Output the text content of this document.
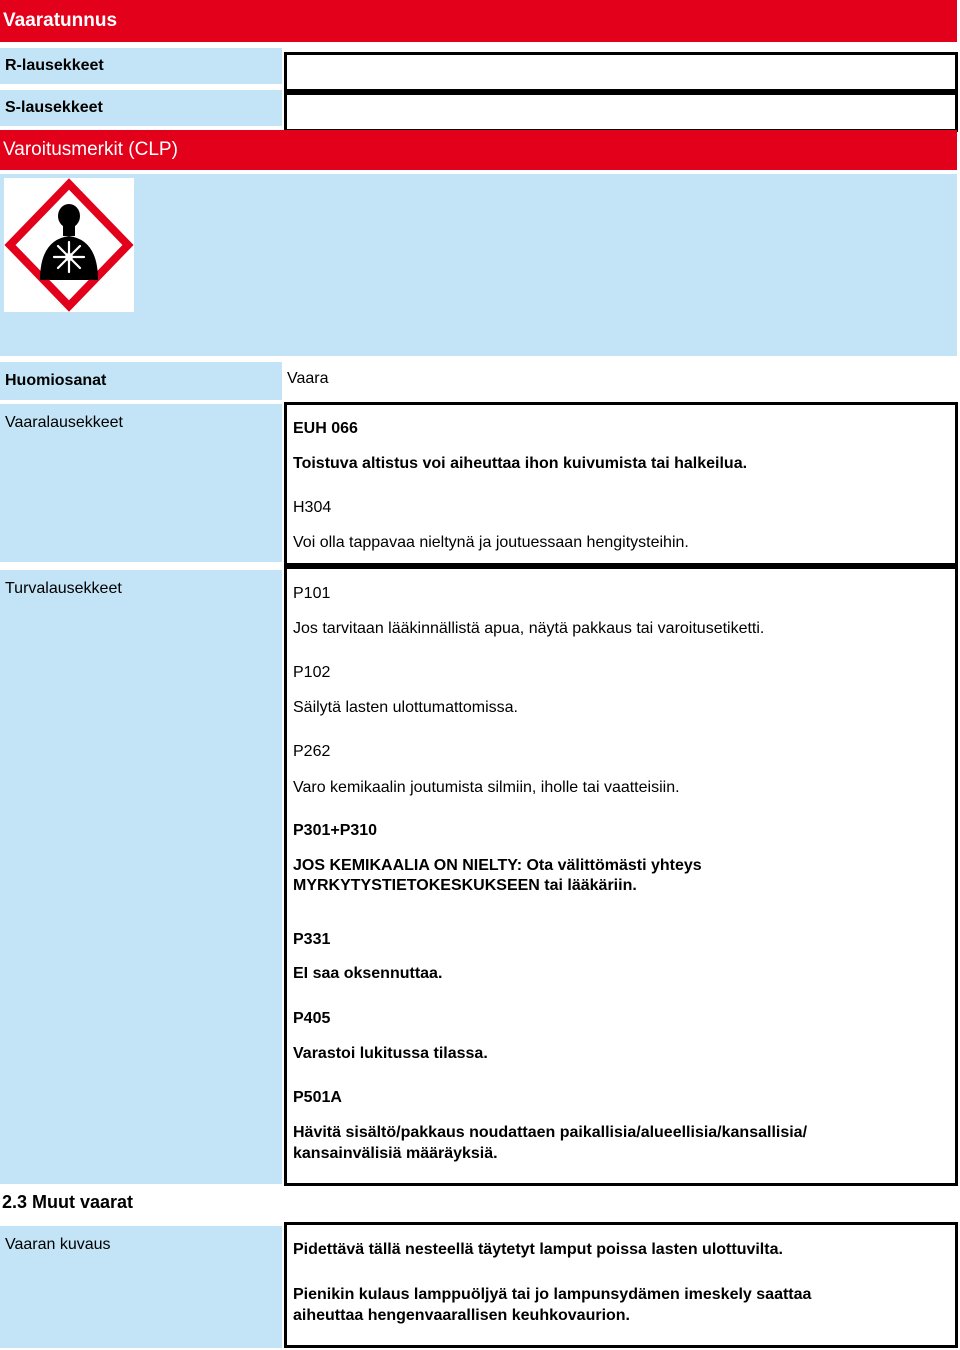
Vaaratunnus
R-lausekkeet
S-lausekkeet
Varoitusmerkit (CLP)
Huomiosanat	Vaara
Vaaralausekkeet	EUH 066
Toistuva altistus voi aiheuttaa ihon kuivumista tai halkeilua.
H304
Voi olla tappavaa nieltynä ja joutuessaan hengitysteihin.
Turvalausekkeet	P101
Jos tarvitaan lääkinnällistä apua, näytä pakkaus tai varoitusetiketti.
P102
Säilytä lasten ulottumattomissa.
P262
Varo kemikaalin joutumista silmiin, iholle tai vaatteisiin.
P301+P310
JOS KEMIKAALIA ON NIELTY: Ota välittömästi yhteys
MYRKYTYSTIETOKESKUKSEEN tai lääkäriin.
P331
EI saa oksennuttaa.
P405
Varastoi lukitussa tilassa.
P501A
Hävitä sisältö/pakkaus noudattaen paikallisia/alueellisia/kansallisia/
kansainvälisiä määräyksiä.
2.3 Muut vaarat
Vaaran kuvaus	Pidettävä tällä nesteellä täytetyt lamput poissa lasten ulottuvilta.
Pienikin kulaus lamppuöljyä tai jo lampunsydämen imeskely saattaa
aiheuttaa hengenvaarallisen keuhkovaurion.
